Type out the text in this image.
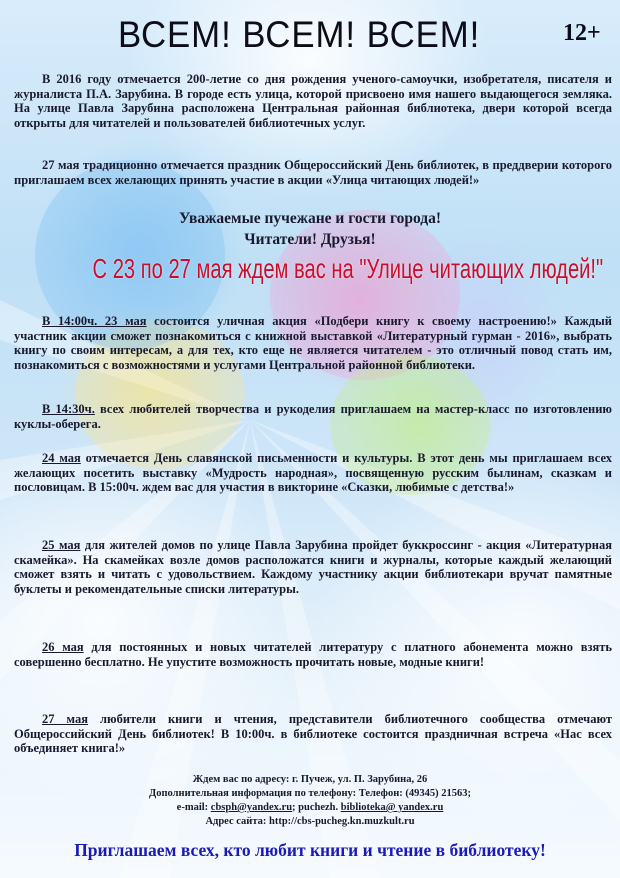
ВСЕМ! ВСЕМ! ВСЕМ!	12+

В 2016 году отмечается 200-летие со дня рождения ученого-самоучки, изобретателя, писателя и журналиста П.А. Зарубина. В городе есть улица, которой присвоено имя нашего выдающегося земляка. На улице Павла Зарубина расположена Центральная районная библиотека, двери которой всегда открыты для читателей и пользователей библиотечных услуг.

27 мая традиционно отмечается праздник Общероссийский День библиотек, в преддверии которого приглашаем всех желающих принять участие в акции «Улица читающих людей!»

Уважаемые пучежане и гости города!

Читатели! Друзья!

С 23 по 27 мая ждем вас на "Улице читающих людей!"

В 14:00ч. 23 мая состоится уличная акция «Подбери книгу к своему настроению!» Каждый участник акции сможет познакомиться с книжной выставкой «Литературный гурман - 2016», выбрать книгу по своим интересам, а для тех, кто еще не является читателем - это отличный повод стать им, познакомиться с возможностями и услугами Центральной районной библиотеки.

В 14:30ч. всех любителей творчества и рукоделия приглашаем на мастер-класс по изготовлению куклы-оберега.

24 мая отмечается День славянской письменности и культуры. В этот день мы приглашаем всех желающих посетить выставку «Мудрость народная», посвященную русским былинам, сказкам и пословицам. В 15:00ч. ждем вас для участия в викторине «Сказки, любимые с детства!»

25 мая для жителей домов по улице Павла Зарубина пройдет буккроссинг - акция «Литературная скамейка». На скамейках возле домов расположатся книги и журналы, которые каждый желающий сможет взять и читать с удовольствием. Каждому участнику акции библиотекари вручат памятные буклеты и рекомендательные списки литературы.

26 мая для постоянных и новых читателей литературу с платного абонемента можно взять совершенно бесплатно. Не упустите возможность прочитать новые, модные книги!

27 мая любители книги и чтения, представители библиотечного сообщества отмечают Общероссийский День библиотек! В 10:00ч. в библиотеке состоится праздничная встреча «Нас всех объединяет книга!»

Ждем вас по адресу: г. Пучеж, ул. П. Зарубина, 26

Дополнительная информация по телефону: Телефон: (49345) 21563;

e-mail: cbsph@yandex.ru; puchezh. biblioteka@ yandex.ru

Адрес сайта: http://cbs-pucheg.kn.muzkult.ru

Приглашаем всех, кто любит книги и чтение в библиотеку!
